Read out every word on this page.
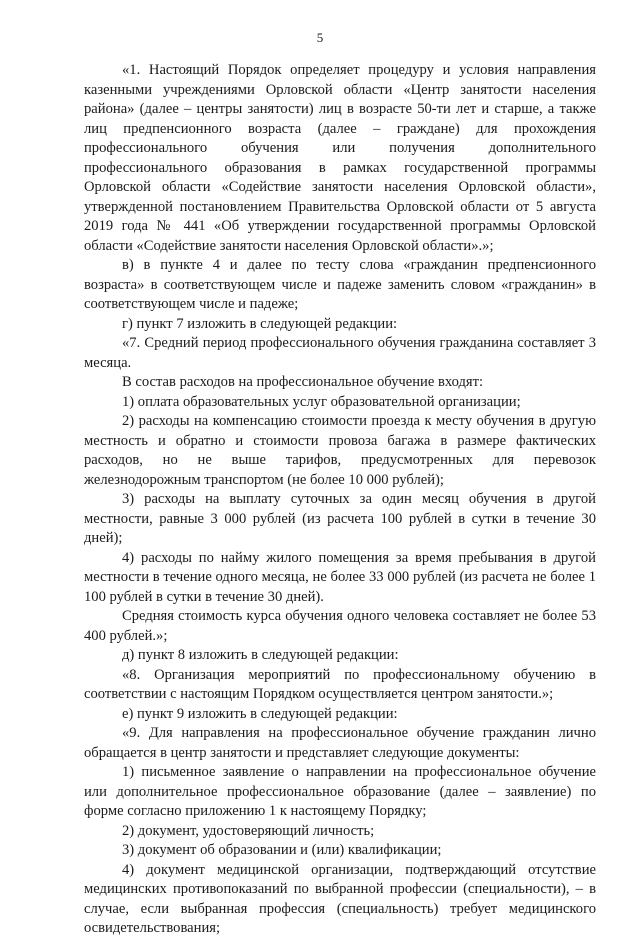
5

«1. Настоящий Порядок определяет процедуру и условия направления казенными учреждениями Орловской области «Центр занятости населения района» (далее – центры занятости) лиц в возрасте 50-ти лет и старше, а также лиц предпенсионного возраста (далее – граждане) для прохождения профессионального обучения или получения дополнительного профессионального образования в рамках государственной программы Орловской области «Содействие занятости населения Орловской области», утвержденной постановлением Правительства Орловской области от 5 августа 2019 года № 441 «Об утверждении государственной программы Орловской области «Содействие занятости населения Орловской области».»;

в) в пункте 4 и далее по тесту слова «гражданин предпенсионного возраста» в соответствующем числе и падеже заменить словом «гражданин» в соответствующем числе и падеже;

г) пункт 7 изложить в следующей редакции:

«7. Средний период профессионального обучения гражданина составляет 3 месяца.

В состав расходов на профессиональное обучение входят:

1) оплата образовательных услуг образовательной организации;

2) расходы на компенсацию стоимости проезда к месту обучения в другую местность и обратно и стоимости провоза багажа в размере фактических расходов, но не выше тарифов, предусмотренных для перевозок железнодорожным транспортом (не более 10 000 рублей);

3) расходы на выплату суточных за один месяц обучения в другой местности, равные 3 000 рублей (из расчета 100 рублей в сутки в течение 30 дней);

4) расходы по найму жилого помещения за время пребывания в другой местности в течение одного месяца, не более 33 000 рублей (из расчета не более 1 100 рублей в сутки в течение 30 дней).

Средняя стоимость курса обучения одного человека составляет не более 53 400 рублей.»;

д) пункт 8 изложить в следующей редакции:

«8. Организация мероприятий по профессиональному обучению в соответствии с настоящим Порядком осуществляется центром занятости.»;

е) пункт 9 изложить в следующей редакции:

«9. Для направления на профессиональное обучение гражданин лично обращается в центр занятости и представляет следующие документы:

1) письменное заявление о направлении на профессиональное обучение или дополнительное профессиональное образование (далее – заявление) по форме согласно приложению 1 к настоящему Порядку;

2) документ, удостоверяющий личность;

3) документ об образовании и (или) квалификации;

4) документ медицинской организации, подтверждающий отсутствие медицинских противопоказаний по выбранной профессии (специальности), – в случае, если выбранная профессия (специальность) требует медицинского освидетельствования;
